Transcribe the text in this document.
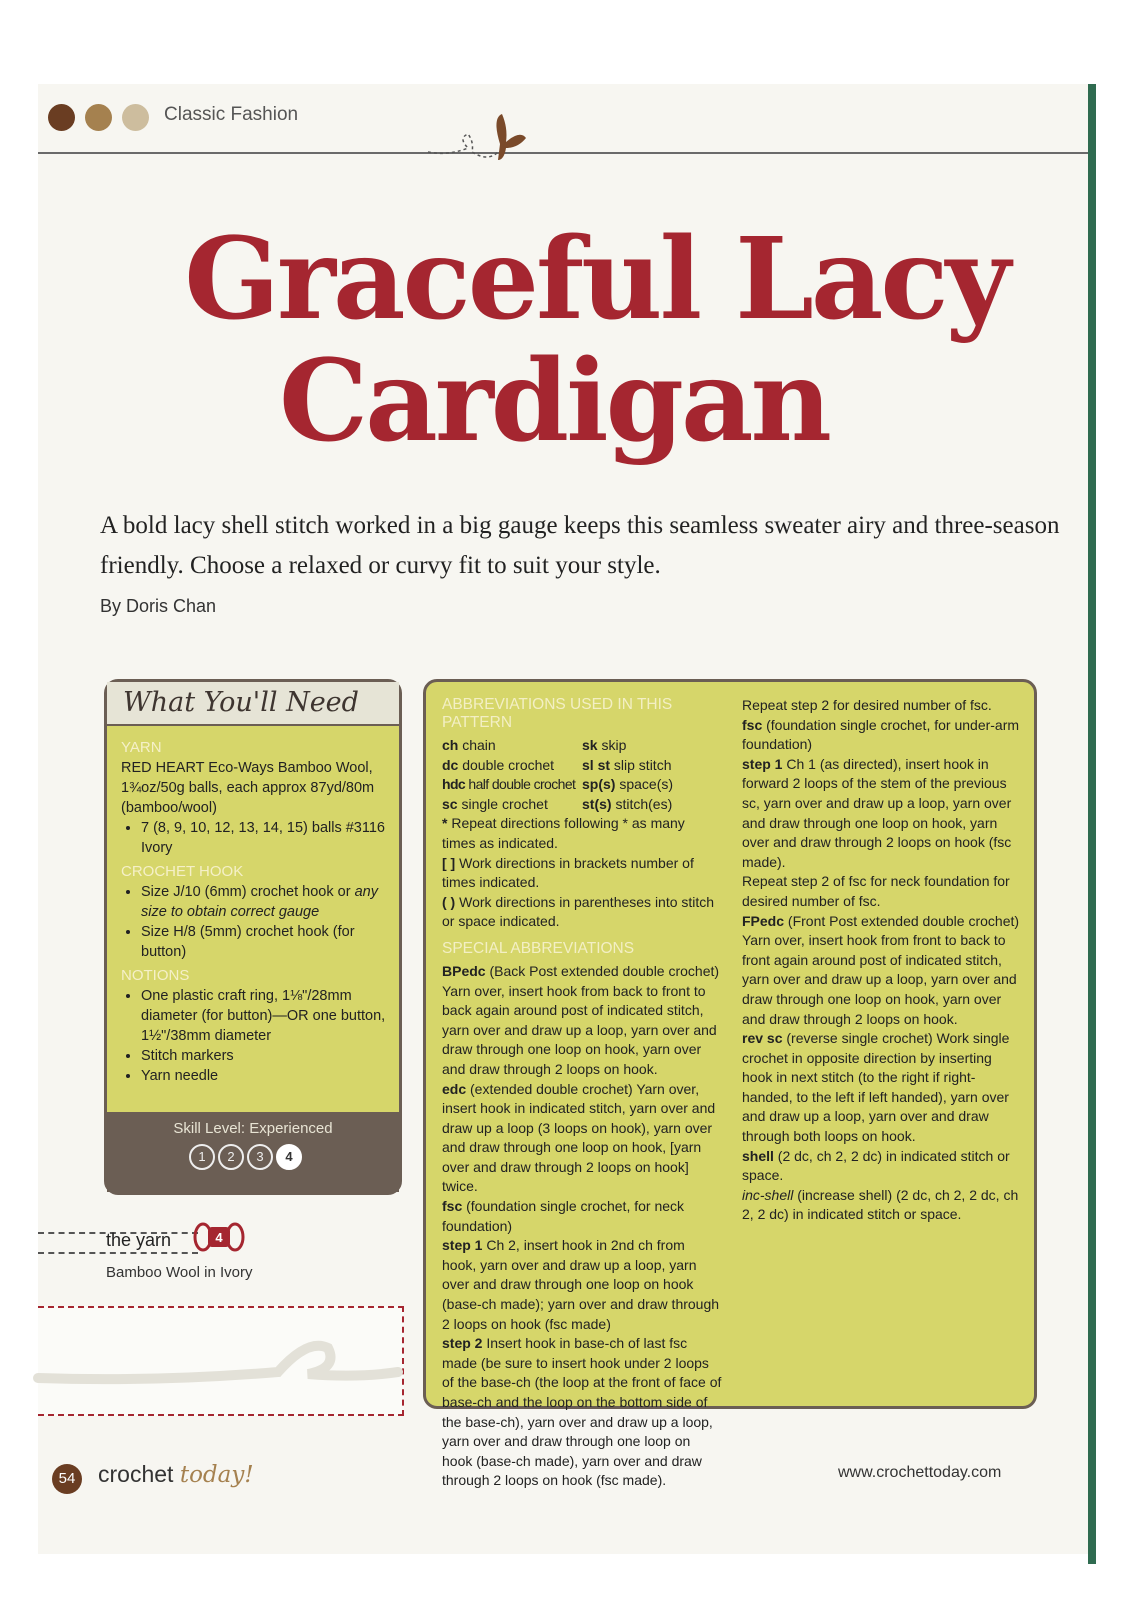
Classic Fashion
Graceful Lacy
Cardigan
A bold lacy shell stitch worked in a big gauge keeps this seamless sweater airy and three-season friendly. Choose a relaxed or curvy fit to suit your style.
By Doris Chan
What You'll Need
YARN
RED HEART Eco-Ways Bamboo Wool, 1¾oz/50g balls, each approx 87yd/80m (bamboo/wool)
• 7 (8, 9, 10, 12, 13, 14, 15) balls #3116 Ivory
CROCHET HOOK
• Size J/10 (6mm) crochet hook or any size to obtain correct gauge
• Size H/8 (5mm) crochet hook (for button)
NOTIONS
• One plastic craft ring, 1⅛"/28mm diameter (for button)—OR one button, 1½"/38mm diameter
• Stitch markers
• Yarn needle
Skill Level: Experienced
1 2 3 4
the yarn	4
Bamboo Wool in Ivory

ABBREVIATIONS USED IN THIS PATTERN

ch chain	sk skip
dc double crochet	sl st slip stitch
hdc half double crochet sp(s) space(s)
sc single crochet	st(s) stitch(es)

* Repeat directions following * as many times as indicated.

[ ] Work directions in brackets number of times indicated.

( ) Work directions in parentheses into stitch or space indicated.

SPECIAL ABBREVIATIONS

BPedc (Back Post extended double crochet) Yarn over, insert hook from back to front to back again around post of indicated stitch, yarn over and draw up a loop, yarn over and draw through one loop on hook, yarn over and draw through 2 loops on hook.

edc (extended double crochet) Yarn over, insert hook in indicated stitch, yarn over and draw up a loop (3 loops on hook), yarn over and draw through one loop on hook, [yarn over and draw through 2 loops on hook] twice.

fsc (foundation single crochet, for neck foundation)

step 1 Ch 2, insert hook in 2nd ch from hook, yarn over and draw up a loop, yarn over and draw through one loop on hook (base-ch made); yarn over and draw through 2 loops on hook (fsc made)

step 2 Insert hook in base-ch of last fsc made (be sure to insert hook under 2 loops of the base-ch (the loop at the front of face of base-ch and the loop on the bottom side of the base-ch), yarn over and draw up a loop, yarn over and draw through one loop on hook (base-ch made), yarn over and draw through 2 loops on hook (fsc made).

Repeat step 2 for desired number of fsc.

fsc (foundation single crochet, for under-arm foundation)

step 1 Ch 1 (as directed), insert hook in forward 2 loops of the stem of the previous sc, yarn over and draw up a loop, yarn over and draw through one loop on hook, yarn over and draw through 2 loops on hook (fsc made).

Repeat step 2 of fsc for neck foundation for desired number of fsc.

FPedc (Front Post extended double crochet) Yarn over, insert hook from front to back to front again around post of indicated stitch, yarn over and draw up a loop, yarn over and draw through one loop on hook, yarn over and draw through 2 loops on hook.

rev sc (reverse single crochet) Work single crochet in opposite direction by inserting hook in next stitch (to the right if right-handed, to the left if left handed), yarn over and draw up a loop, yarn over and draw through both loops on hook.

shell (2 dc, ch 2, 2 dc) in indicated stitch or space.

inc-shell (increase shell) (2 dc, ch 2, 2 dc, ch 2, 2 dc) in indicated stitch or space.

54 crochet today!	www.crochettoday.com
